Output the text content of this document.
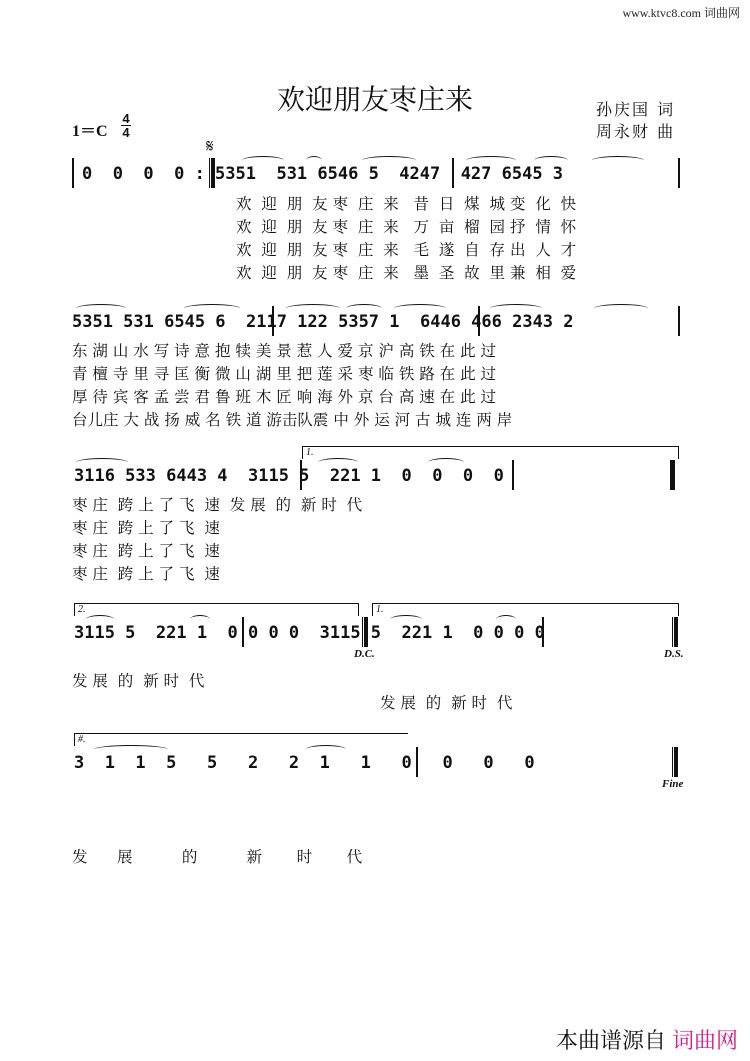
www.ktvc8.com 词曲网
欢迎朋友枣庄来	孙庆国 词
周永财 曲
1＝C
4
4
𝄋
0  0  0  0 : 5351  531 6546 5  4247  427 6545 3
欢  迎  朋  友 枣  庄  来   昔  日  煤  城 变  化  快
欢  迎  朋  友 枣  庄  来   万  亩  榴  园 抒  情  怀
欢  迎  朋  友 枣  庄  来   毛  遂  自  存 出  人  才
欢  迎  朋  友 枣  庄  来   墨  圣  故  里 兼  相  爱
5351 531 6545 6  2117 122 5357 1  6446 466 2343 2
东 湖 山 水 写 诗 意 抱 犊 美 景 惹 人 爱 京 沪 高 铁 在 此 过
青 檀 寺 里 寻 匡 衡 微 山 湖 里 把 莲 采 枣 临 铁 路 在 此 过
厚 待 宾 客 孟 尝 君 鲁 班 木 匠 响 海 外 京 台 高 速 在 此 过
台儿庄 大 战 扬 威 名 铁 道 游击队震 中 外 运 河 古 城 连 两 岸
1.
3116 533 6443 4  3115 5  221 1  0  0  0  0
枣 庄  跨 上 了 飞  速  发 展  的  新 时  代
枣 庄  跨 上 了 飞  速
枣 庄  跨 上 了 飞  速
枣 庄  跨 上 了 飞  速
2.	1.
3115 5  221 1  0 0 0 0  3115 5  221 1  0 0 0 0
D.C.	D.S.
发 展  的  新 时  代
发 展  的  新 时  代
#.
3  1  1  5   5   2   2  1   1   0   0   0   0
Fine
发      展          的          新       时       代
本曲谱源自 词曲网
